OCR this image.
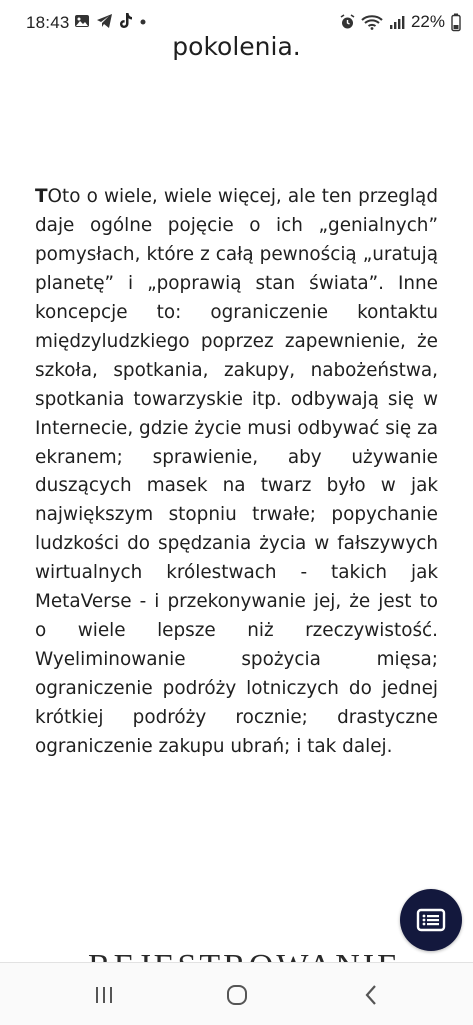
18:43	22%
pokolenia.

TOto o wiele, wiele więcej, ale ten przegląd daje ogólne pojęcie o ich „genialnych” pomysłach, które z całą pewnością „uratują planetę” i „poprawią stan świata”. Inne koncepcje to: ograniczenie kontaktu międzyludzkiego poprzez zapewnienie, że szkoła, spotkania, zakupy, nabożeństwa, spotkania towarzyskie itp. odbywają się w Internecie, gdzie życie musi odbywać się za ekranem; sprawienie, aby używanie duszących masek na twarz było w jak największym stopniu trwałe; popychanie ludzkości do spędzania życia w fałszywych wirtualnych królestwach - takich jak MetaVerse - i przekonywanie jej, że jest to o wiele lepsze niż rzeczywistość. Wyeliminowanie spożycia mięsa; ograniczenie podróży lotniczych do jednej krótkiej podróży rocznie; drastyczne ograniczenie zakupu ubrań; i tak dalej.
